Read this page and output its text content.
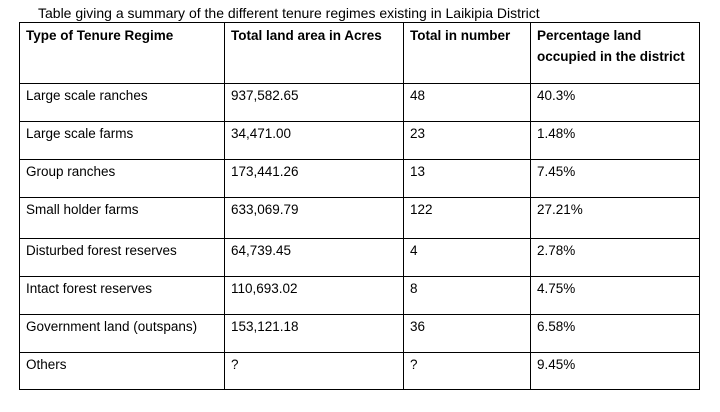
Table giving a summary of the different tenure regimes existing in Laikipia District
Type of Tenure Regime	Total land area in Acres	Total in number	Percentage land occupied in the district
Large scale ranches	937,582.65	48	40.3%
Large scale farms	34,471.00	23	1.48%
Group ranches	173,441.26	13	7.45%
Small holder farms	633,069.79	122	27.21%
Disturbed forest reserves	64,739.45	4	2.78%
Intact forest reserves	110,693.02	8	4.75%
Government land (outspans)	153,121.18	36	6.58%
Others	?	?	9.45%
